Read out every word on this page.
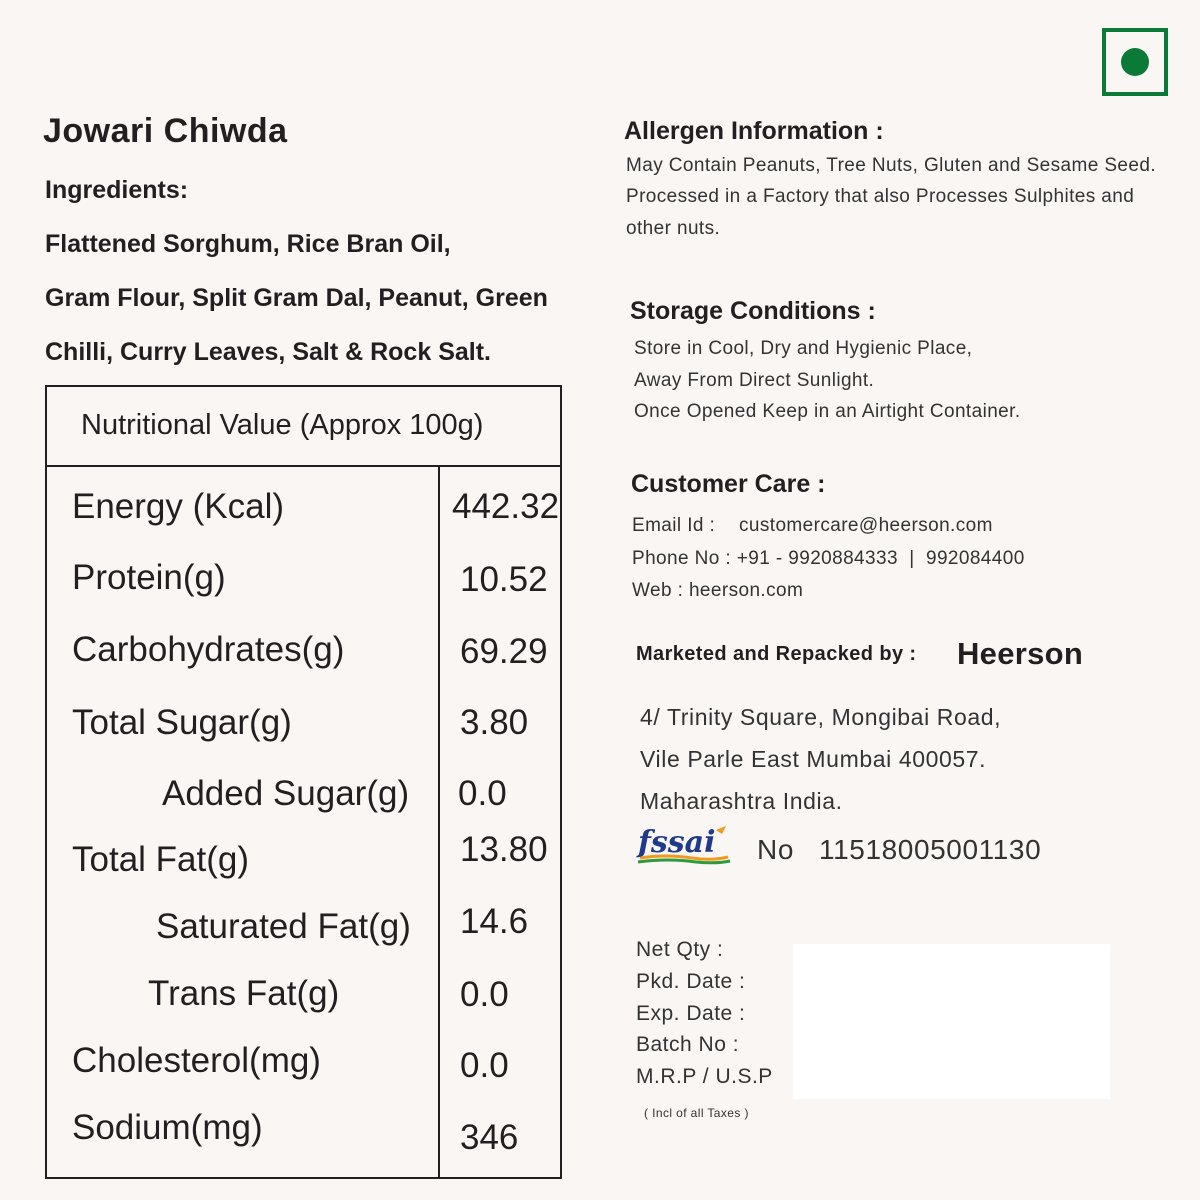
Jowari Chiwda
Ingredients:
Flattened Sorghum, Rice Bran Oil,
Gram Flour, Split Gram Dal, Peanut, Green
Chilli, Curry Leaves, Salt & Rock Salt.
Nutritional Value (Approx 100g)
Energy (Kcal)	442.32
Protein(g)	10.52
Carbohydrates(g)	69.29
Total Sugar(g)	3.80
Added Sugar(g) 0.0
Total Fat(g)	13.80
Saturated Fat(g) 14.6
Trans Fat(g)	0.0
Cholesterol(mg)	0.0
Sodium(mg)	346
Allergen Information :
May Contain Peanuts, Tree Nuts, Gluten and Sesame Seed.
Processed in a Factory that also Processes Sulphites and
other nuts.
Storage Conditions :
Store in Cool, Dry and Hygienic Place,
Away From Direct Sunlight.
Once Opened Keep in an Airtight Container.
Customer Care :
Email Id : customercare@heerson.com
Phone No : +91 - 9920884333  |  992084400
Web : heerson.com
Marketed and Repacked by : Heerson
4/ Trinity Square, Mongibai Road,
Vile Parle East Mumbai 400057.
Maharashtra India.
fssai No 11518005001130
Net Qty :
Pkd. Date :
Exp. Date :
Batch No :
M.R.P / U.S.P
( Incl of all Taxes )
